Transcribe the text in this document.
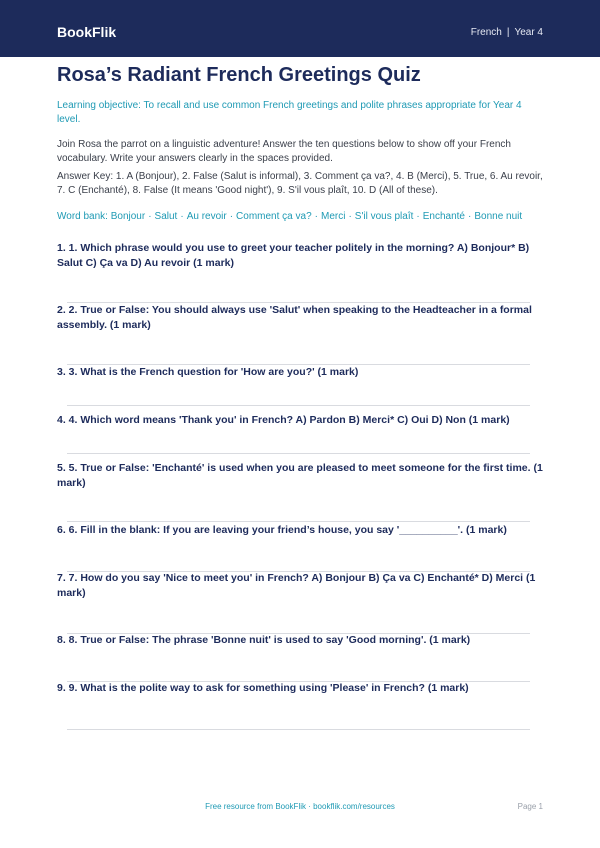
BookFlik	French | Year 4
Rosa’s Radiant French Greetings Quiz
Learning objective: To recall and use common French greetings and polite phrases appropriate for Year 4 level.
Join Rosa the parrot on a linguistic adventure! Answer the ten questions below to show off your French vocabulary. Write your answers clearly in the spaces provided.
Answer Key: 1. A (Bonjour), 2. False (Salut is informal), 3. Comment ça va?, 4. B (Merci), 5. True, 6. Au revoir, 7. C (Enchanté), 8. False (It means 'Good night'), 9. S'il vous plaît, 10. D (All of these).
Word bank: Bonjour · Salut · Au revoir · Comment ça va? · Merci · S'il vous plaît · Enchanté · Bonne nuit
1. 1. Which phrase would you use to greet your teacher politely in the morning? A) Bonjour* B) Salut C) Ça va D) Au revoir (1 mark)
2. 2. True or False: You should always use 'Salut' when speaking to the Headteacher in a formal assembly. (1 mark)
3. 3. What is the French question for 'How are you?' (1 mark)
4. 4. Which word means 'Thank you' in French? A) Pardon B) Merci* C) Oui D) Non (1 mark)
5. 5. True or False: 'Enchanté' is used when you are pleased to meet someone for the first time. (1 mark)
6. 6. Fill in the blank: If you are leaving your friend’s house, you say '__________'. (1 mark)
7. 7. How do you say 'Nice to meet you' in French? A) Bonjour B) Ça va C) Enchanté* D) Merci (1 mark)
8. 8. True or False: The phrase 'Bonne nuit' is used to say 'Good morning'. (1 mark)
9. 9. What is the polite way to ask for something using 'Please' in French? (1 mark)
Free resource from BookFlik · bookflik.com/resources	Page 1
